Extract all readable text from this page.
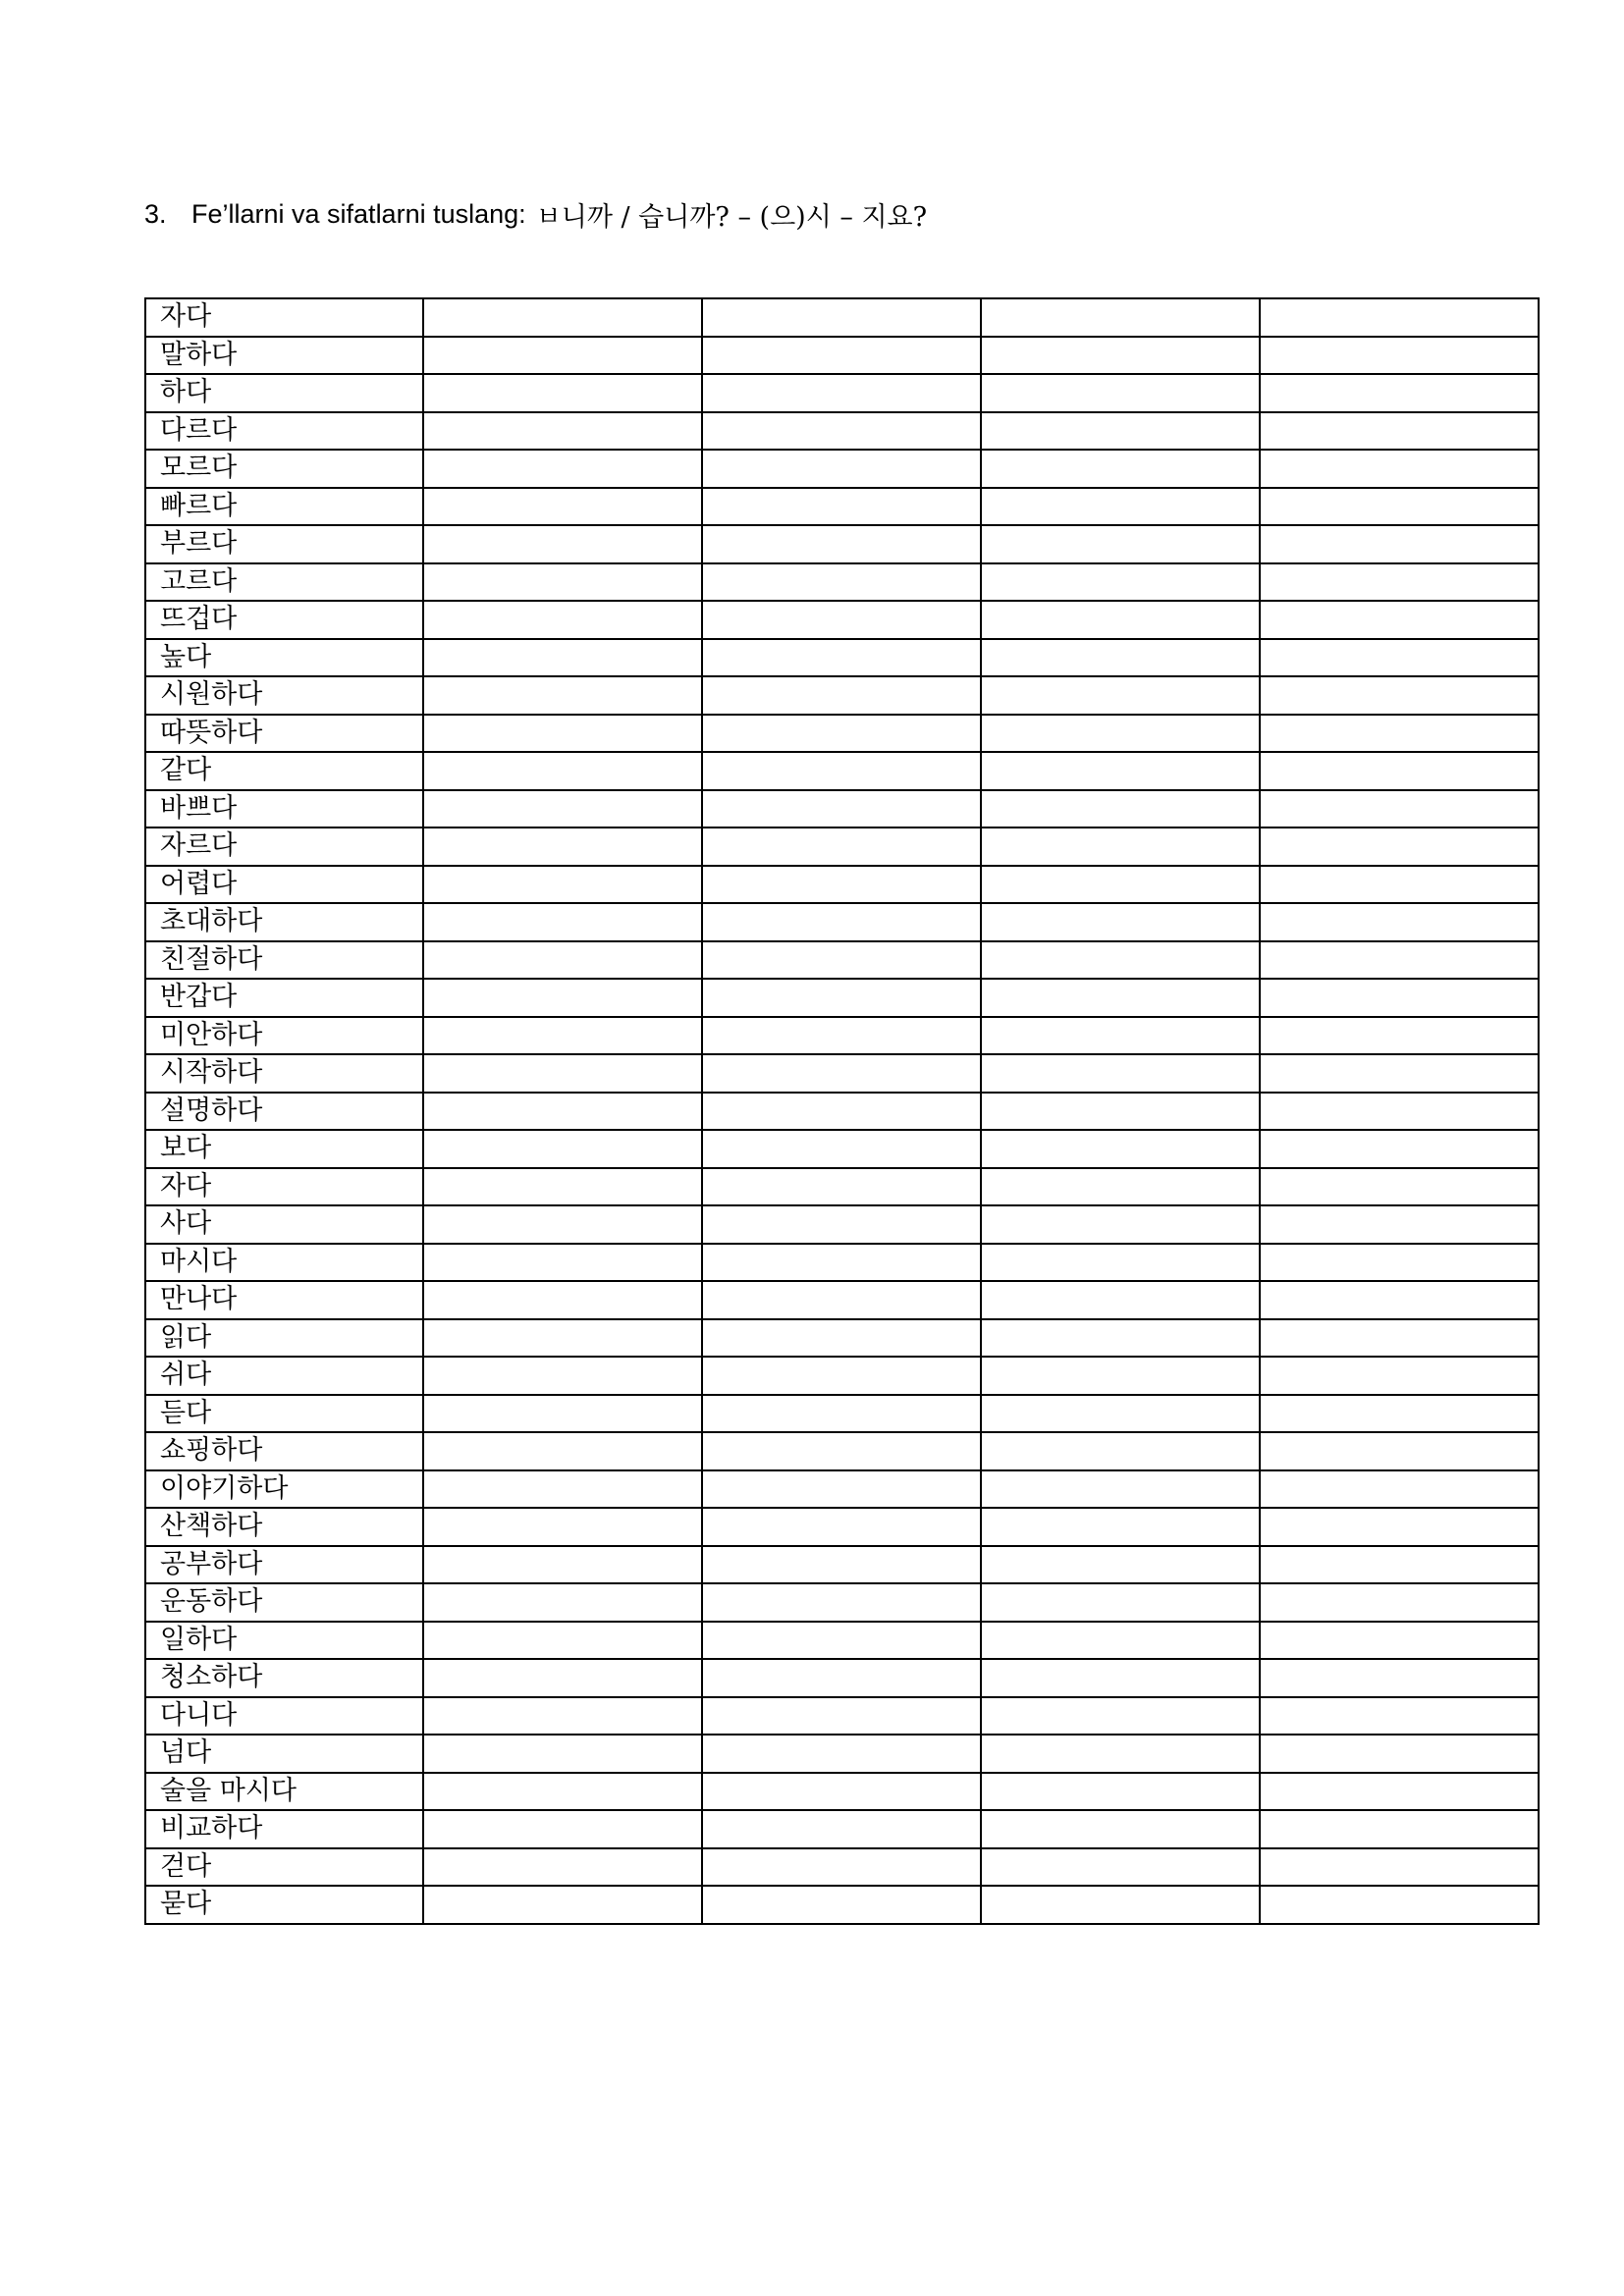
3. Fe’llarni va sifatlarni tuslang: ㅂ니까 / 습니까? – (으)시 – 지요?
자다				
말하다				
하다				
다르다				
모르다				
빠르다				
부르다				
고르다				
뜨겁다				
높다				
시원하다				
따뜻하다				
같다				
바쁘다				
자르다				
어렵다				
초대하다				
친절하다				
반갑다				
미안하다				
시작하다				
설명하다				
보다				
자다				
사다				
마시다				
만나다				
읽다				
쉬다				
듣다				
쇼핑하다				
이야기하다				
산책하다				
공부하다				
운동하다				
일하다				
청소하다				
다니다				
넘다				
술을 마시다				
비교하다				
걷다				
묻다				
